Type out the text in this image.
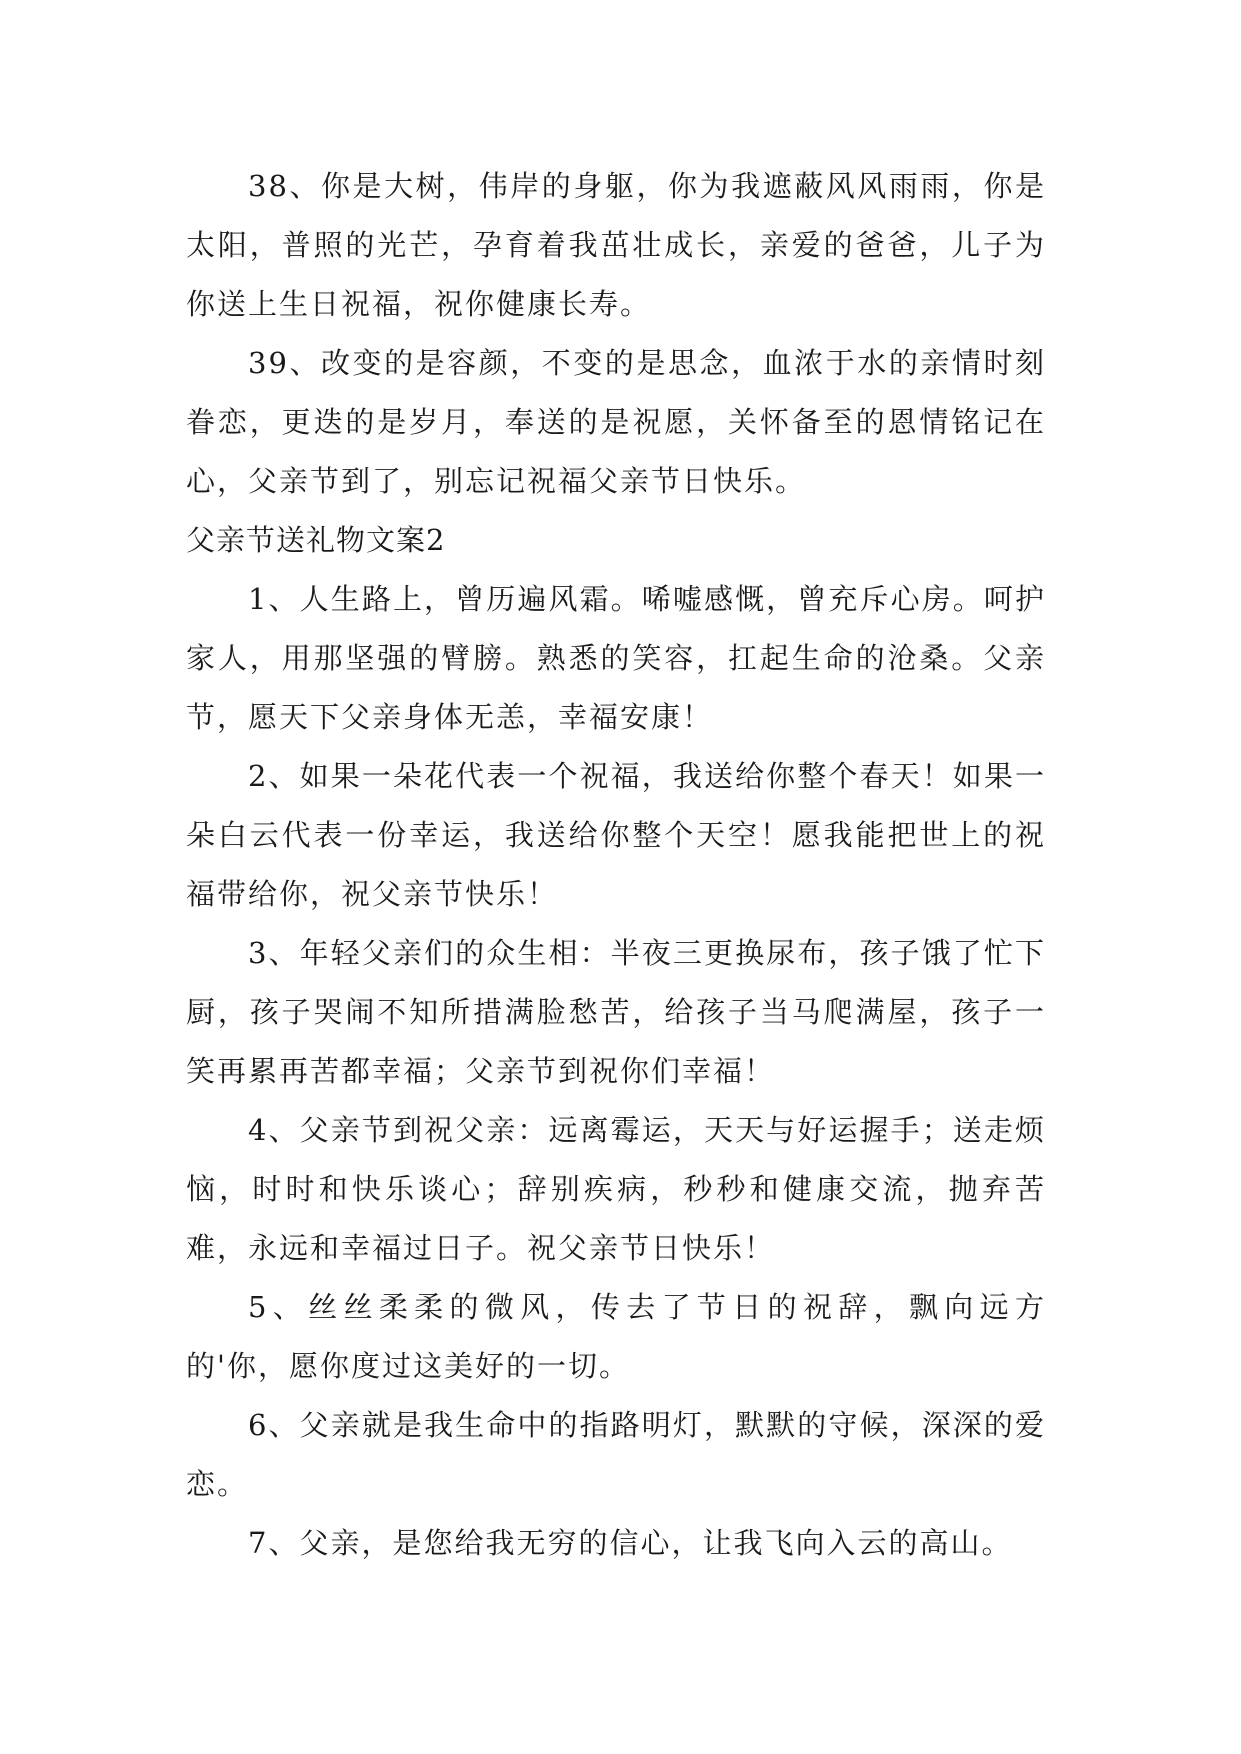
38、你是大树，伟岸的身躯，你为我遮蔽风风雨雨，你是太阳，普照的光芒，孕育着我茁壮成长，亲爱的爸爸，儿子为你送上生日祝福，祝你健康长寿。

39、改变的是容颜，不变的是思念，血浓于水的亲情时刻眷恋，更迭的是岁月，奉送的是祝愿，关怀备至的恩情铭记在心，父亲节到了，别忘记祝福父亲节日快乐。

父亲节送礼物文案2

1、人生路上，曾历遍风霜。唏嘘感慨，曾充斥心房。呵护家人，用那坚强的臂膀。熟悉的笑容，扛起生命的沧桑。父亲节，愿天下父亲身体无恙，幸福安康！

2、如果一朵花代表一个祝福，我送给你整个春天！如果一朵白云代表一份幸运，我送给你整个天空！愿我能把世上的祝福带给你，祝父亲节快乐！

3、年轻父亲们的众生相：半夜三更换尿布，孩子饿了忙下厨，孩子哭闹不知所措满脸愁苦，给孩子当马爬满屋，孩子一笑再累再苦都幸福；父亲节到祝你们幸福！

4、父亲节到祝父亲：远离霉运，天天与好运握手；送走烦恼，时时和快乐谈心；辞别疾病，秒秒和健康交流，抛弃苦难，永远和幸福过日子。祝父亲节日快乐！

5、丝丝柔柔的微风，传去了节日的祝辞，飘向远方的'你，愿你度过这美好的一切。

6、父亲就是我生命中的指路明灯，默默的守候，深深的爱恋。

7、父亲，是您给我无穷的信心，让我飞向入云的高山。
